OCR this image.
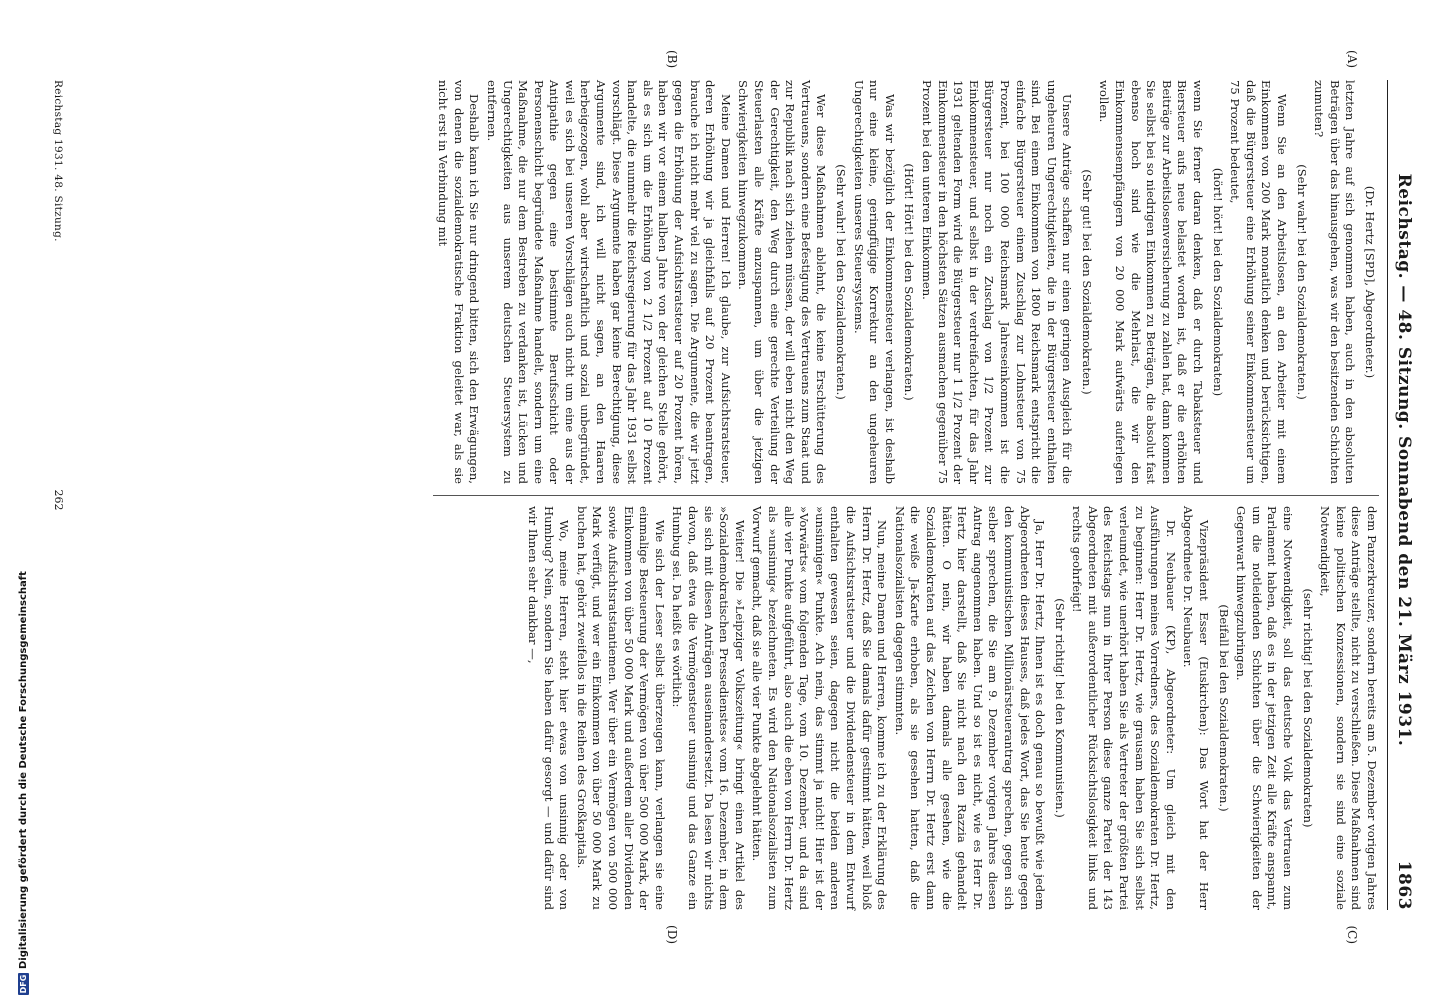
Reichstag. — 48. Sitzung. Sonnabend den 21. März 1931.
1863

(Dr. Hertz [SPD], Abgeordneter.)

letzten Jahre auf sich genommen haben, auch in den absoluten Beträgen über das hinausgehen, was wir den besitzenden Schichten zumuten?

(Sehr wahr! bei den Sozialdemokraten.)

Wenn Sie an den Arbeitslosen, an den Arbeiter mit einem Einkommen von 200 Mark monatlich denken und berücksichtigen, daß die Bürgersteuer eine Erhöhung seiner Einkommensteuer um 75 Prozent bedeutet,

(hört! hört! bei den Sozialdemokraten)

wenn Sie ferner daran denken, daß er durch Tabaksteuer und Biersteuer aufs neue belastet worden ist, daß er die erhöhten Beiträge zur Arbeitslosenversicherung zu zahlen hat, dann kommen Sie selbst bei so niedrigen Einkommen zu Beträgen, die absolut fast ebenso hoch sind wie die Mehrlast, die wir den Einkommensempfängern von 20 000 Mark aufwärts auferlegen wollen.

(Sehr gut! bei den Sozialdemokraten.)

Unsere Anträge schaffen nur einen geringen Ausgleich für die ungeheuren Ungerechtigkeiten, die in der Bürgersteuer enthalten sind. Bei einem Einkommen von 1800 Reichsmark entspricht die einfache Bürgersteuer einem Zuschlag zur Lohnsteuer von 75 Prozent, bei 100 000 Reichsmark Jahreseinkommen ist die Bürgersteuer nur noch ein Zuschlag von 1/2 Prozent zur Einkommensteuer, und selbst in der verdreifachten, für das Jahr 1931 geltenden Form wird die Bürgersteuer nur 1 1/2 Prozent der Einkommensteuer in den höchsten Sätzen ausmachen gegenüber 75 Prozent bei den unteren Einkommen.

(Hört! Hört! bei den Sozialdemokraten.)

Was wir bezüglich der Einkommensteuer verlangen, ist deshalb nur eine kleine, geringfügige Korrektur an den ungeheuren Ungerechtigkeiten unseres Steuersystems.

(Sehr wahr! bei den Sozialdemokraten.)

Wer diese Maßnahmen ablehnt, die keine Erschütterung des Vertrauens, sondern eine Befestigung des Vertrauens zum Staat und zur Republik nach sich ziehen müssen, der will eben nicht den Weg der Gerechtigkeit, den Weg durch eine gerechte Verteilung der Steuerlasten alle Kräfte anzuspannen, um über die jetzigen Schwierigkeiten hinwegzukommen.

Meine Damen und Herren! Ich glaube, zur Aufsichtsratsteuer, deren Erhöhung wir ja gleichfalls auf 20 Prozent beantragen, brauche ich nicht mehr viel zu sagen. Die Argumente, die wir jetzt gegen die Erhöhung der Aufsichtsratsteuer auf 20 Prozent hören, haben wir vor einem halben Jahre von der gleichen Stelle gehört, als es sich um die Erhöhung von 2 1/2 Prozent auf 10 Prozent handelte, die nunmehr die Reichsregierung für das Jahr 1931 selbst vorschlägt. Diese Argumente haben gar keine Berechtigung, diese Argumente sind, ich will nicht sagen, an den Haaren herbeigezogen, wohl aber wirtschaftlich und sozial unbegründet, weil es sich bei unseren Vorschlägen auch nicht um eine aus der Antipathie gegen eine bestimmte Berufsschicht oder Personenschicht begründete Maßnahme handelt, sondern um eine Maßnahme, die nur dem Bestreben zu verdanken ist, Lücken und Ungerechtigkeiten aus unserem deutschen Steuersystem zu entfernen.

Deshalb kann ich Sie nur dringend bitten, sich den Erwägungen, von denen die sozialdemokratische Fraktion geleitet war, als sie nicht erst in Verbindung mit

dem Panzerkreuzer, sondern bereits am 5. Dezember vorigen Jahres diese Anträge stellte, nicht zu verschließen. Diese Maßnahmen sind keine politischen Konzessionen, sondern sie sind eine soziale Notwendigkeit,

(sehr richtig! bei den Sozialdemokraten)

eine Notwendigkeit, soll das deutsche Volk das Vertrauen zum Parlament haben, daß es in der jetzigen Zeit alle Kräfte anspannt, um die notleidenden Schichten über die Schwierigkeiten der Gegenwart hinwegzubringen.

(Beifall bei den Sozialdemokraten.)

Vizepräsident Esser (Euskirchen): Das Wort hat der Herr Abgeordnete Dr. Neubauer.

Dr. Neubauer (KP), Abgeordneter: Um gleich mit den Ausführungen meines Vorredners, des Sozialdemokraten Dr. Hertz, zu beginnen: Herr Dr. Hertz, wie grausam haben Sie sich selbst verleumdet, wie unerhört haben Sie als Vertreter der größten Partei des Reichstags nun in Ihrer Person diese ganze Partei der 143 Abgeordneten mit außerordentlicher Rücksichtslosigkeit links und rechts geohrfeigt!

(Sehr richtig! bei den Kommunisten.)

Ja, Herr Dr. Hertz, Ihnen ist es doch genau so bewußt wie jedem Abgeordneten dieses Hauses, daß jedes Wort, das Sie heute gegen den kommunistischen Millionärsteuerantrag sprechen, gegen sich selber sprechen, die Sie am 9. Dezember vorigen Jahres diesen Antrag angenommen haben. Und so ist es nicht, wie es Herr Dr. Hertz hier darstellt, daß Sie nicht nach den Razzia gehandelt hätten. O nein, wir haben damals alle gesehen, wie die Sozialdemokraten auf das Zeichen von Herrn Dr. Hertz erst dann die weiße Ja-Karte erhoben, als sie gesehen hatten, daß die Nationalsozialisten dagegen stimmten.

Nun, meine Damen und Herren, komme ich zu der Erklärung des Herrn Dr. Hertz, daß Sie damals dafür gestimmt hätten, weil bloß die Aufsichtsratsteuer und die Dividendensteuer in dem Entwurf enthalten gewesen seien, dagegen nicht die beiden anderen »unsinnigen« Punkte. Ach nein, das stimmt ja nicht! Hier ist der »Vorwärts« vom folgenden Tage, vom 10. Dezember, und da sind alle vier Punkte aufgeführt, also auch die eben von Herrn Dr. Hertz als »unsinnig« bezeichneten. Es wird den Nationalsozialisten zum Vorwurf gemacht, daß sie alle vier Punkte abgelehnt hätten.

Weiter! Die »Leipziger Volkszeitung« bringt einen Artikel des »Sozialdemokratischen Pressedienstes« vom 16. Dezember, in dem sie sich mit diesen Anträgen auseinandersetzt. Da lesen wir nichts davon, daß etwa die Vermögensteuer unsinnig und das Ganze ein Humbug sei. Da heißt es wörtlich:

Wie sich der Leser selbst überzeugen kann, verlangen sie eine einmalige Besteuerung der Vermögen von über 500 000 Mark, der Einkommen von über 50 000 Mark und außerdem aller Dividenden sowie Aufsichtsratstantiemen. Wer über ein Vermögen von 500 000 Mark verfügt, und wer ein Einkommen von über 50 000 Mark zu buchen hat, gehört zweifellos in die Reihen des Großkapitals.

Wo, meine Herren, steht hier etwas von unsinnig oder von Humbug? Nein, sondern Sie haben dafür gesorgt — und dafür sind wir Ihnen sehr dankbar —,

(A)
(B)
(C)
(D)
Reichstag 1931. 48. Sitzung.
262
DFG
Digitalisierung gefördert durch die Deutsche Forschungsgemeinschaft
